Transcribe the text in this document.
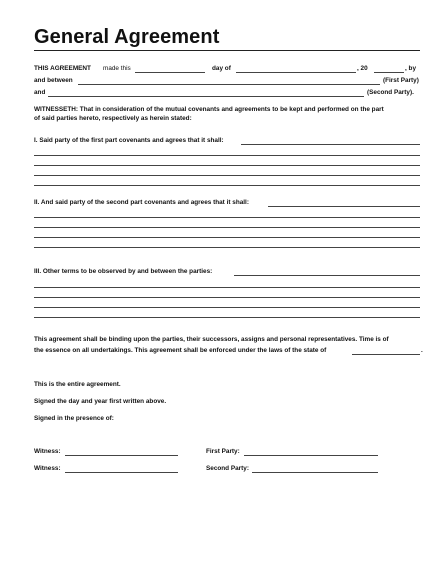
General Agreement
THIS AGREEMENT made this	day of	, 20	, by
and between	(First Party)
and	(Second Party).
WITNESSETH: That in consideration of the mutual covenants and agreements to be kept and performed on the part
of said parties hereto, respectively as herein stated:
I. Said party of the first part covenants and agrees that it shall:
II. And said party of the second part covenants and agrees that it shall:
III. Other terms to be observed by and between the parties:
This agreement shall be binding upon the parties, their successors, assigns and personal representatives. Time is of
the essence on all undertakings. This agreement shall be enforced under the laws of the state of	.
This is the entire agreement.
Signed the day and year first written above.
Signed in the presence of:
Witness:	First Party:
Witness:	Second Party:
